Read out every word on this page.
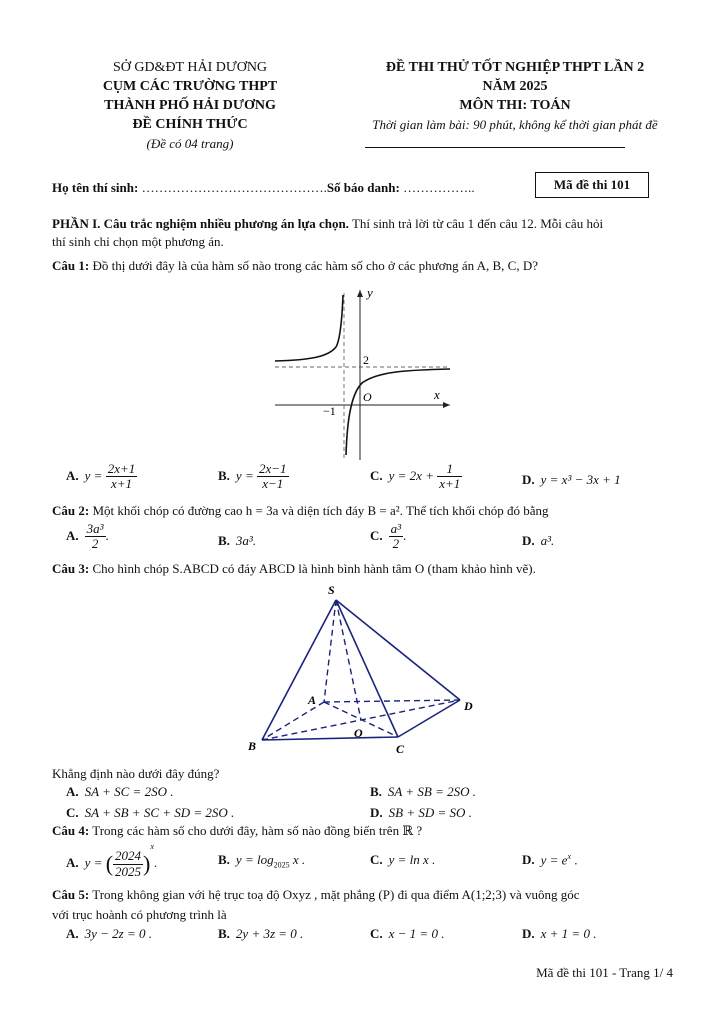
SỞ GD&ĐT HẢI DƯƠNG
CỤM CÁC TRƯỜNG THPT
THÀNH PHỐ HẢI DƯƠNG
ĐỀ CHÍNH THỨC
(Đề có 04 trang)
ĐỀ THI THỬ TỐT NGHIỆP THPT LẦN 2
NĂM 2025
MÔN THI: TOÁN
Thời gian làm bài: 90 phút, không kể thời gian phát đề
Họ tên thí sinh: …………………………………….Số báo danh: ……………..	Mã đề thi 101
PHẦN I. Câu trắc nghiệm nhiều phương án lựa chọn. Thí sinh trả lời từ câu 1 đến câu 12. Mỗi câu hỏi
thí sinh chỉ chọn một phương án.
Câu 1: Đồ thị dưới đây là của hàm số nào trong các hàm số cho ở các phương án A, B, C, D?
y
x
O
2
−1
A. $y = \frac{2x+1}{x+1}$	B. $y = \frac{2x-1}{x-1}$	C. $y = 2x + \frac{1}{x+1}$	D. y = x³ − 3x + 1
Câu 2: Một khối chóp có đường cao h = 3a và diện tích đáy B = a². Thể tích khối chóp đó bằng
A. $\frac{\text{3a³}}{2}$ .	B. 3a³.	C. $\frac{\text{a³}}{2}$ .	D. a³.
Câu 3: Cho hình chóp S.ABCD có đáy ABCD là hình bình hành tâm O (tham khảo hình vẽ).
S
A
B	C
D
O
Khẳng định nào dưới đây đúng?
A. SA + SC = 2SO .	B. SA + SB = 2SO .
C. SA + SB + SC + SD = 2SO .	D. SB + SD = SO .
Câu 4: Trong các hàm số cho dưới đây, hàm số nào đồng biến trên ℝ ?
A. y = ( $\frac{2024}{2025} )^x$.	B. $y = \log_{2025} x$ .	C. y = ln x .	D. $y = e^x$ .
Câu 5: Trong không gian với hệ trục toạ độ Oxyz , mặt phẳng (P) đi qua điểm A(1;2;3) và vuông góc
với trục hoành có phương trình là
A. 3y − 2z = 0 .	B. 2y + 3z = 0 .	C. x − 1 = 0 .	D. x + 1 = 0 .
Mã đề thi 101 - Trang 1/ 4
